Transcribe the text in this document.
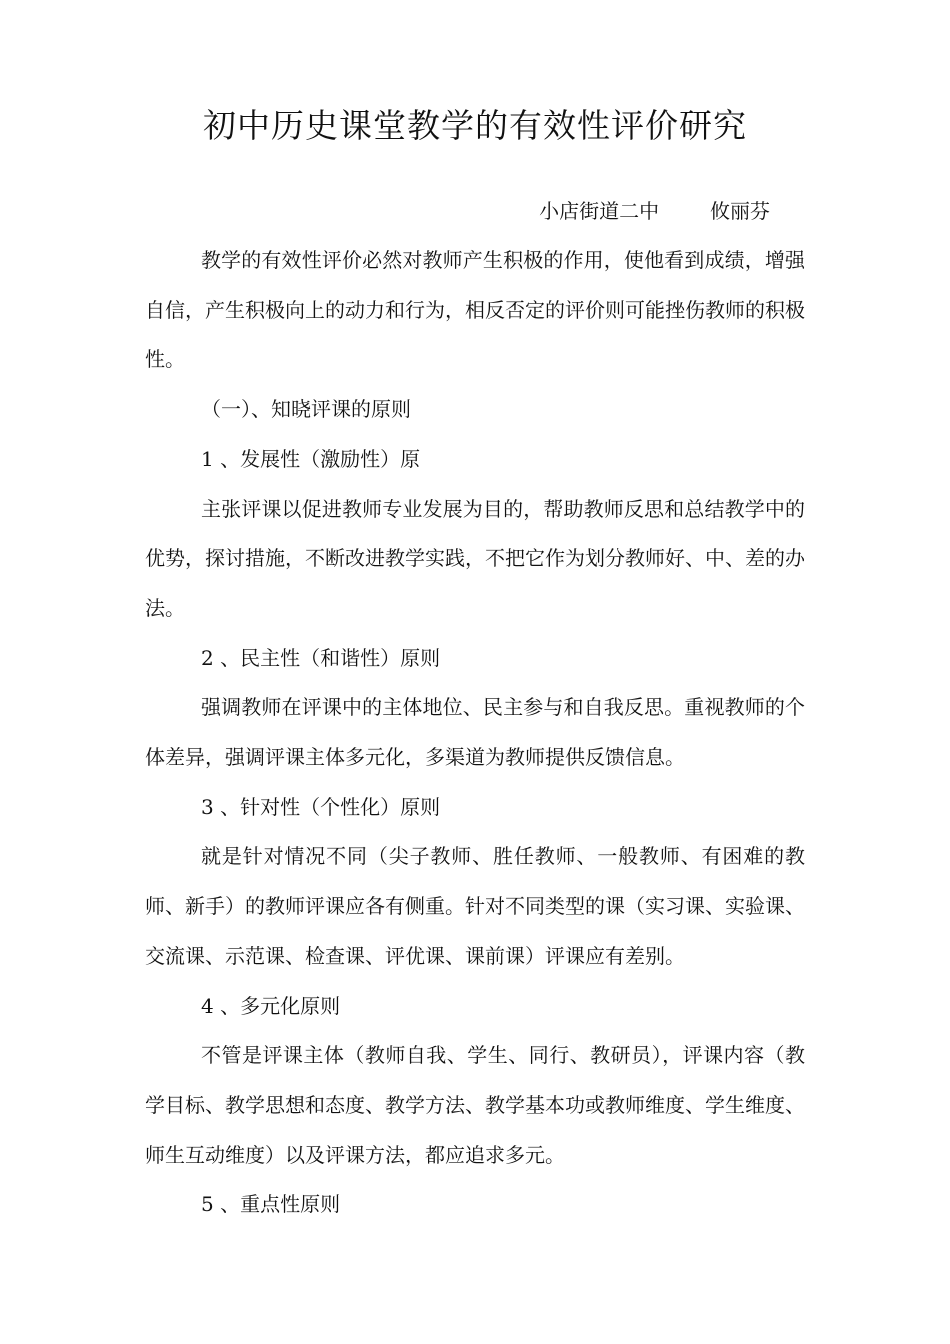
初中历史课堂教学的有效性评价研究
小店街道二中        攸丽芬

教学的有效性评价必然对教师产生积极的作用，使他看到成绩，增强自信，产生积极向上的动力和行为，相反否定的评价则可能挫伤教师的积极性。

（一）、知晓评课的原则

1 、发展性（激励性）原

主张评课以促进教师专业发展为目的，帮助教师反思和总结教学中的优势，探讨措施，不断改进教学实践，不把它作为划分教师好、中、差的办法。

2 、民主性（和谐性）原则

强调教师在评课中的主体地位、民主参与和自我反思。重视教师的个体差异，强调评课主体多元化，多渠道为教师提供反馈信息。

3 、针对性（个性化）原则

就是针对情况不同（尖子教师、胜任教师、一般教师、有困难的教师、新手）的教师评课应各有侧重。针对不同类型的课（实习课、实验课、交流课、示范课、检查课、评优课、课前课）评课应有差别。

4 、多元化原则

不管是评课主体（教师自我、学生、同行、教研员），评课内容（教学目标、教学思想和态度、教学方法、教学基本功或教师维度、学生维度、师生互动维度）以及评课方法，都应追求多元。

5 、重点性原则
